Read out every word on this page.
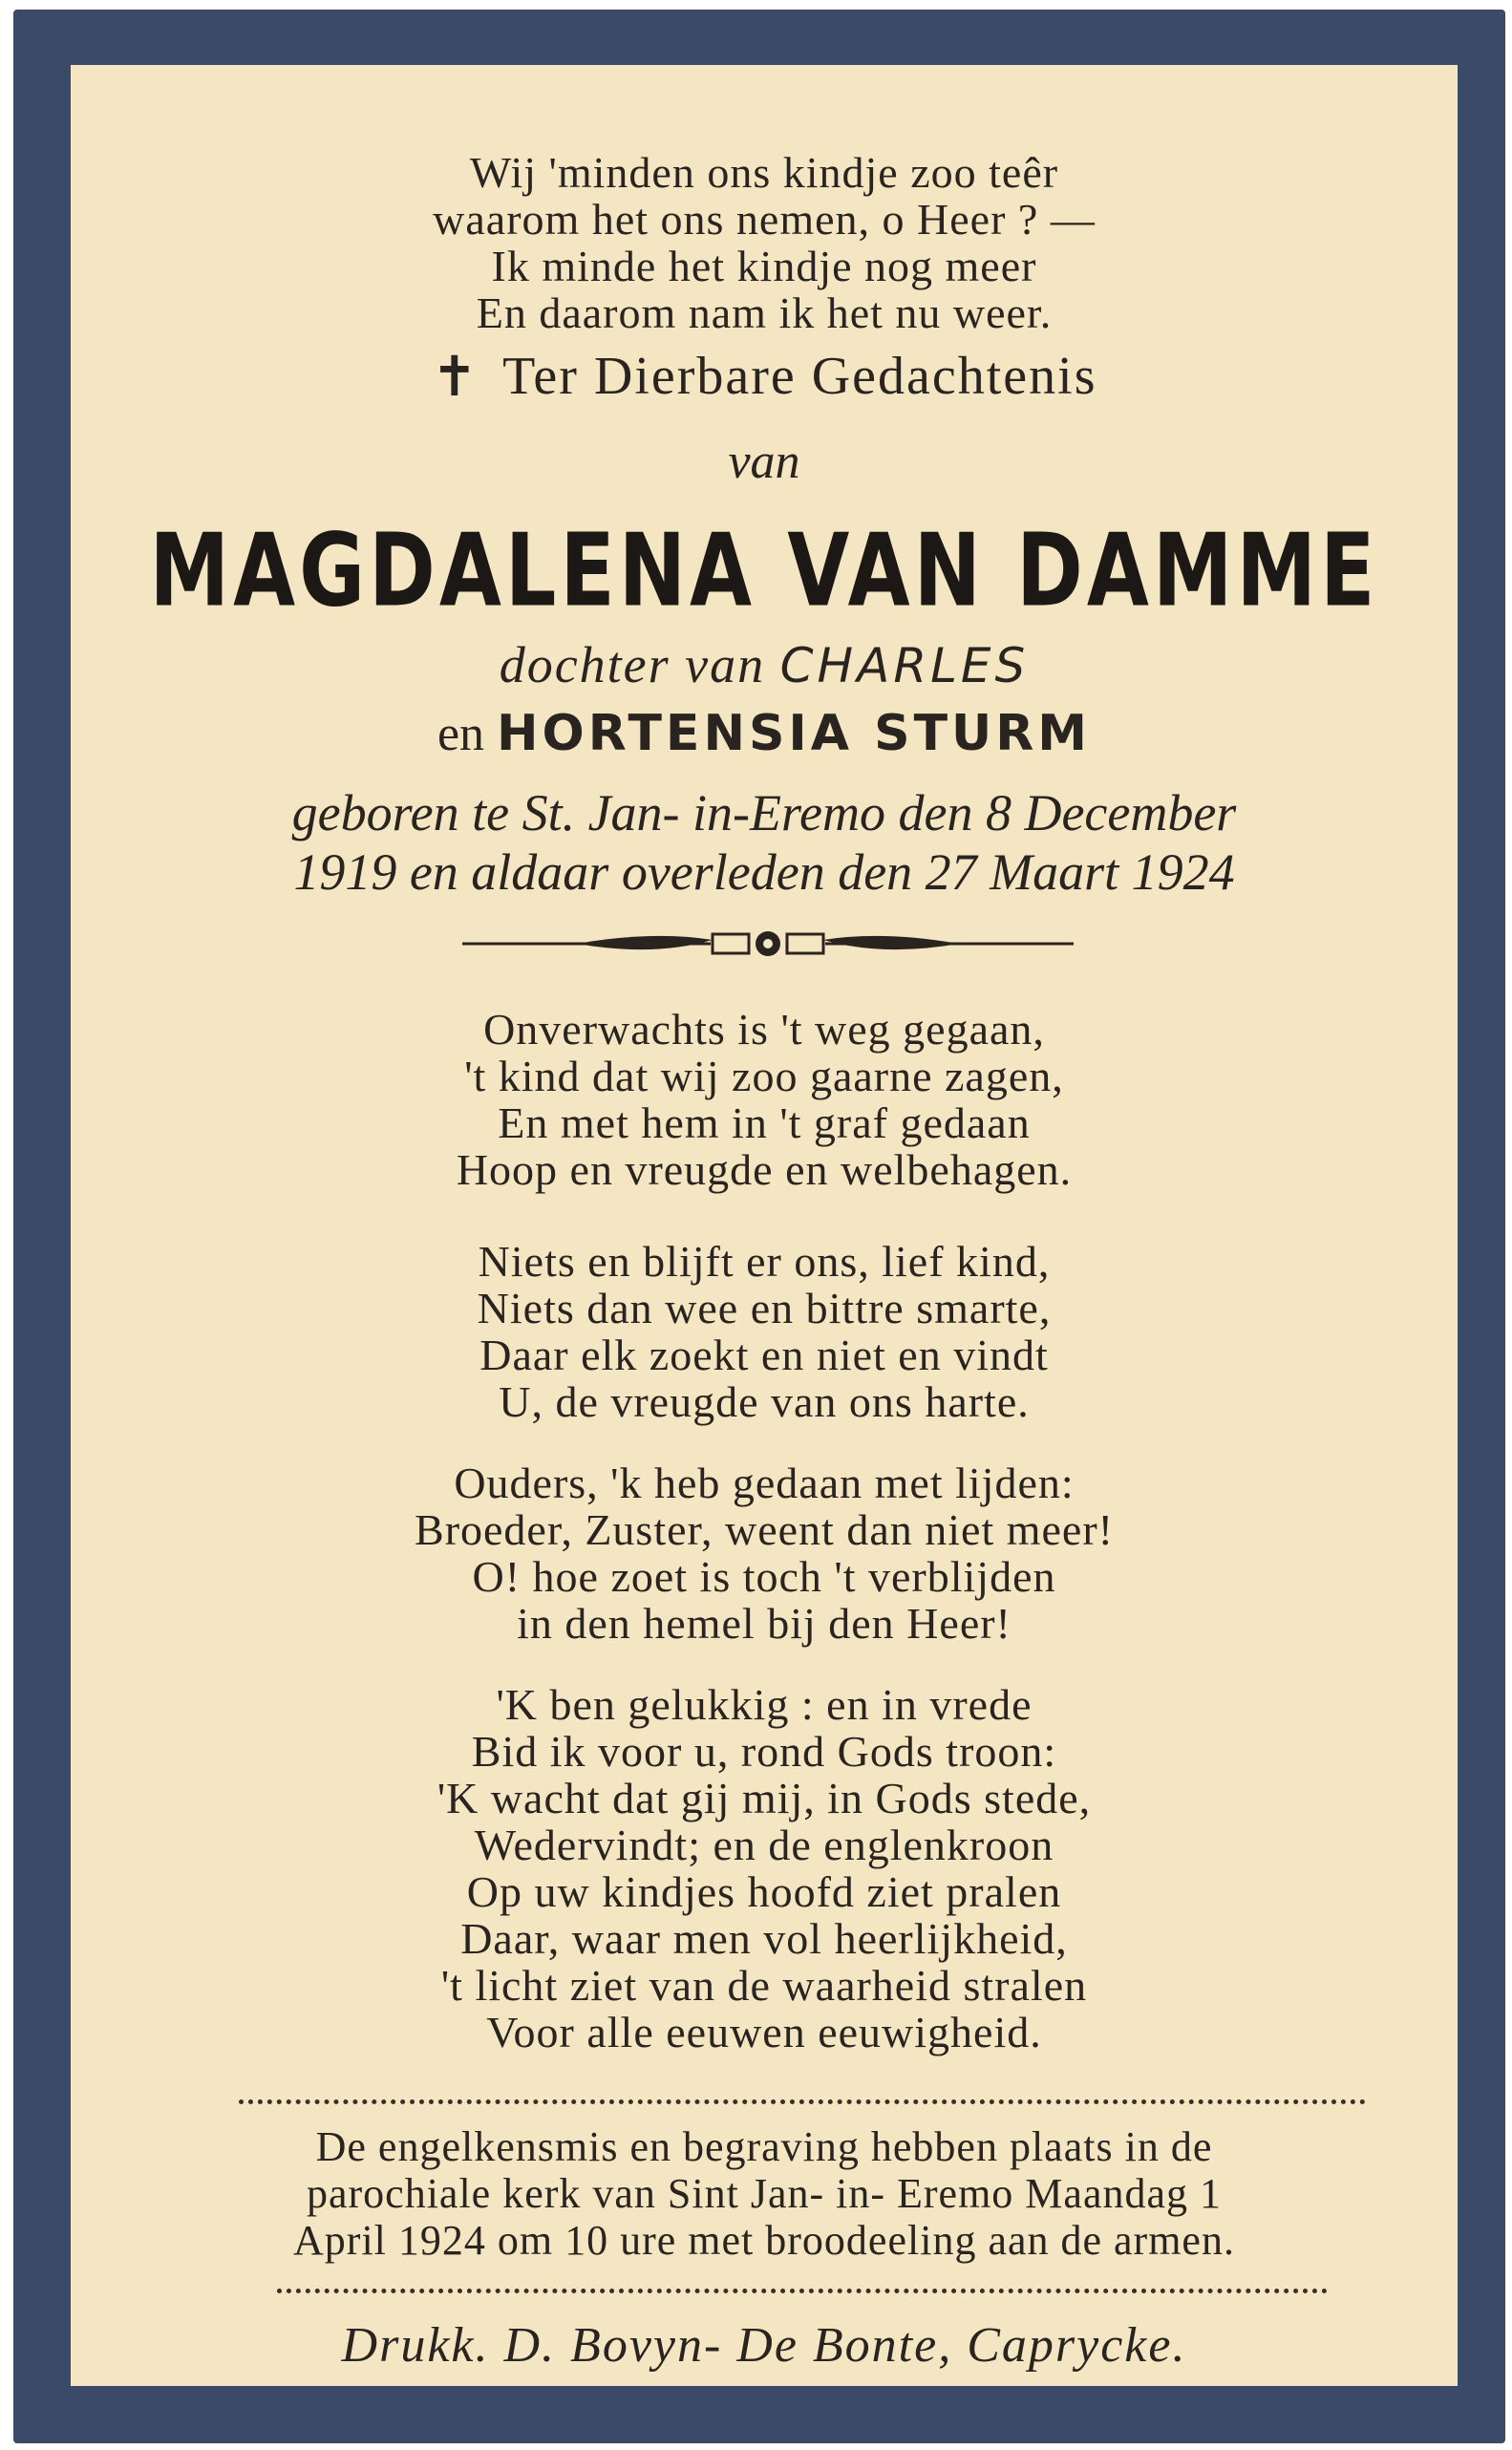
Wij 'minden ons kindje zoo teêr
waarom het ons nemen, o Heer ? —
Ik minde het kindje nog meer
En daarom nam ik het nu weer.
✝ Ter Dierbare Gedachtenis
van
MAGDALENA VAN DAMME
dochter van CHARLES
en HORTENSIA STURM
geboren te St. Jan- in-Eremo den 8 December
1919 en aldaar overleden den 27 Maart 1924
Onverwachts is 't weg gegaan,
't kind dat wij zoo gaarne zagen,
En met hem in 't graf gedaan
Hoop en vreugde en welbehagen.
Niets en blijft er ons, lief kind,
Niets dan wee en bittre smarte,
Daar elk zoekt en niet en vindt
U, de vreugde van ons harte.
Ouders, 'k heb gedaan met lijden:
Broeder, Zuster, weent dan niet meer!
O! hoe zoet is toch 't verblijden
in den hemel bij den Heer!
'K ben gelukkig : en in vrede
Bid ik voor u, rond Gods troon:
'K wacht dat gij mij, in Gods stede,
Wedervindt; en de englenkroon
Op uw kindjes hoofd ziet pralen
Daar, waar men vol heerlijkheid,
't licht ziet van de waarheid stralen
Voor alle eeuwen eeuwigheid.
De engelkensmis en begraving hebben plaats in de
parochiale kerk van Sint Jan- in- Eremo Maandag 1
April 1924 om 10 ure met broodeeling aan de armen.
Drukk. D. Bovyn- De Bonte, Caprycke.
